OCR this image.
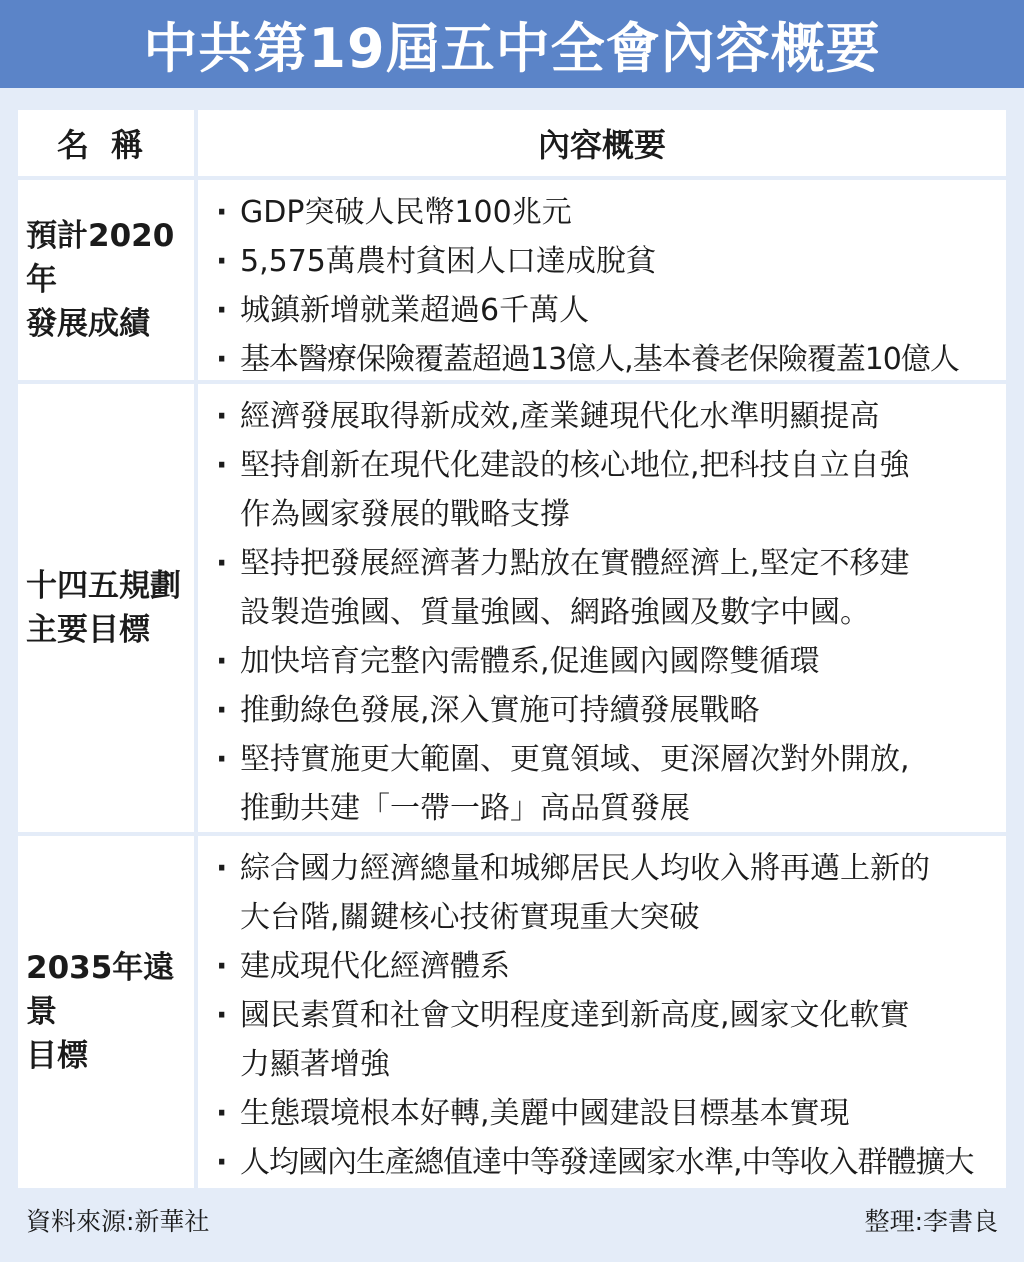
中共第19屆五中全會內容概要
名稱	內容概要
預計2020年
發展成績
· GDP突破人民幣100兆元
· 5,575萬農村貧困人口達成脫貧
· 城鎮新增就業超過6千萬人
· 基本醫療保險覆蓋超過13億人,基本養老保險覆蓋10億人
十四五規劃
主要目標
· 經濟發展取得新成效,產業鏈現代化水準明顯提高
· 堅持創新在現代化建設的核心地位,把科技自立自強
作為國家發展的戰略支撐
· 堅持把發展經濟著力點放在實體經濟上,堅定不移建
設製造強國、質量強國、網路強國及數字中國。
· 加快培育完整內需體系,促進國內國際雙循環
· 推動綠色發展,深入實施可持續發展戰略
· 堅持實施更大範圍、更寬領域、更深層次對外開放,
推動共建「一帶一路」高品質發展
2035年遠景
目標
· 綜合國力經濟總量和城鄉居民人均收入將再邁上新的
大台階,關鍵核心技術實現重大突破
· 建成現代化經濟體系
· 國民素質和社會文明程度達到新高度,國家文化軟實
力顯著增強
· 生態環境根本好轉,美麗中國建設目標基本實現
· 人均國內生產總值達中等發達國家水準,中等收入群體擴大
資料來源:新華社	整理:李書良
